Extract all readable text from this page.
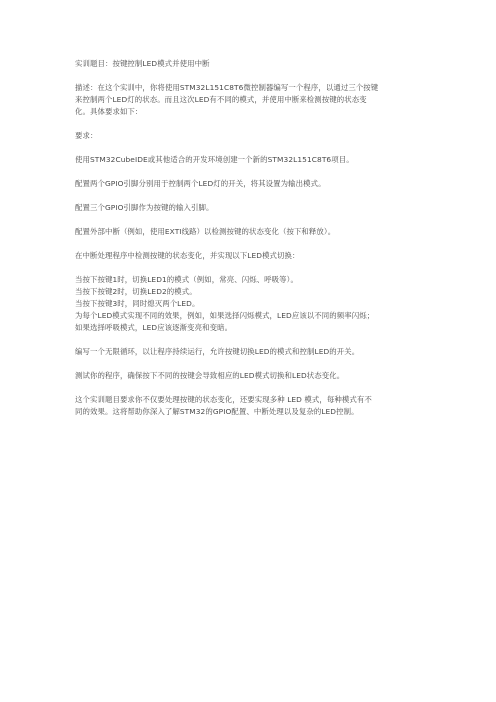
实训题目：按键控制LED模式并使用中断

描述：在这个实训中，你将使用STM32L151C8T6微控制器编写一个程序，以通过三个按键
来控制两个LED灯的状态。而且这次LED有不同的模式，并使用中断来检测按键的状态变
化。具体要求如下：

要求：

使用STM32CubeIDE或其他适合的开发环境创建一个新的STM32L151C8T6项目。

配置两个GPIO引脚分别用于控制两个LED灯的开关，将其设置为输出模式。

配置三个GPIO引脚作为按键的输入引脚。

配置外部中断（例如，使用EXTI线路）以检测按键的状态变化（按下和释放）。

在中断处理程序中检测按键的状态变化，并实现以下LED模式切换：

当按下按键1时，切换LED1的模式（例如，常亮、闪烁、呼吸等）。
当按下按键2时，切换LED2的模式。
当按下按键3时，同时熄灭两个LED。
为每个LED模式实现不同的效果，例如，如果选择闪烁模式，LED应该以不同的频率闪烁；
如果选择呼吸模式，LED应该逐渐变亮和变暗。

编写一个无限循环，以让程序持续运行，允许按键切换LED的模式和控制LED的开关。

测试你的程序，确保按下不同的按键会导致相应的LED模式切换和LED状态变化。

这个实训题目要求你不仅要处理按键的状态变化，还要实现多种 LED 模式，每种模式有不
同的效果。这将帮助你深入了解STM32的GPIO配置、中断处理以及复杂的LED控制。
